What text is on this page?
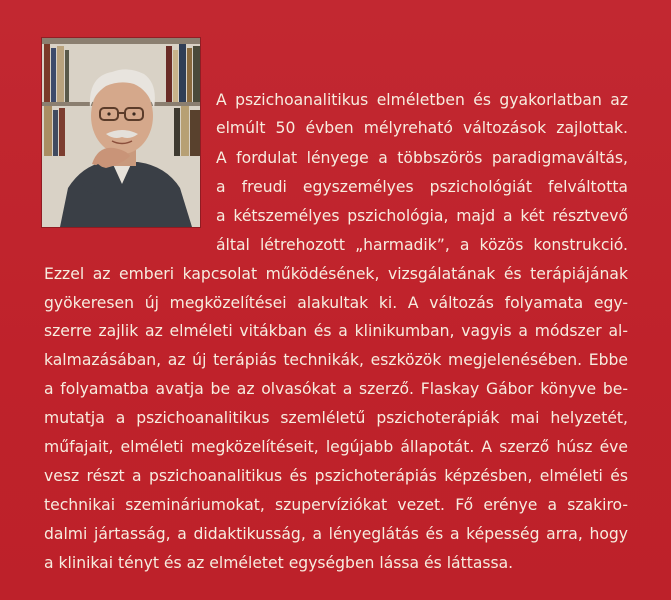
A pszichoanalitikus elméletben és gyakorlatban az
elmúlt 50 évben mélyreható változások zajlottak.
A fordulat lényege a többszörös paradigmaváltás,
a freudi egyszemélyes pszichológiát felváltotta
a kétszemélyes pszichológia, majd a két résztvevő
által létrehozott „harmadik”, a közös konstrukció.
Ezzel az emberi kapcsolat működésének, vizsgálatának és terápiájának
gyökeresen új megközelítései alakultak ki. A változás folyamata egy-
szerre zajlik az elméleti vitákban és a klinikumban, vagyis a módszer al-
kalmazásában, az új terápiás technikák, eszközök megjelenésében. Ebbe
a folyamatba avatja be az olvasókat a szerző. Flaskay Gábor könyve be-
mutatja a pszichoanalitikus szemléletű pszichoterápiák mai helyzetét,
műfajait, elméleti megközelítéseit, legújabb állapotát. A szerző húsz éve
vesz részt a pszichoanalitikus és pszichoterápiás képzésben, elméleti és
technikai szemináriumokat, szupervíziókat vezet. Fő erénye a szakiro-
dalmi jártasság, a didaktikusság, a lényeglátás és a képesség arra, hogy
a klinikai tényt és az elméletet egységben lássa és láttassa.
